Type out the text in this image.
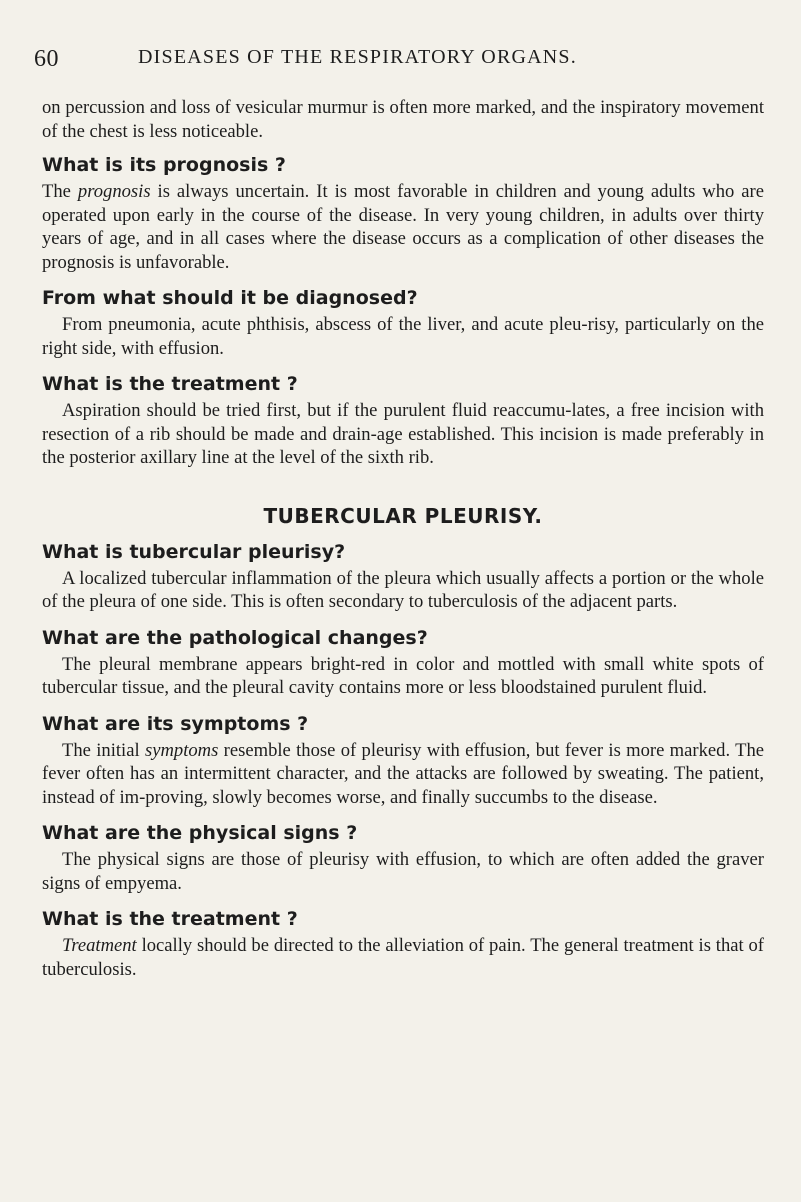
60	DISEASES OF THE RESPIRATORY ORGANS.

on percussion and loss of vesicular murmur is often more marked, and the inspiratory movement of the chest is less noticeable.

What is its prognosis ?

The prognosis is always uncertain. It is most favorable in children and young adults who are operated upon early in the course of the disease. In very young children, in adults over thirty years of age, and in all cases where the disease occurs as a complication of other diseases the prognosis is unfavorable.

From what should it be diagnosed?

From pneumonia, acute phthisis, abscess of the liver, and acute pleu-risy, particularly on the right side, with effusion.

What is the treatment ?

Aspiration should be tried first, but if the purulent fluid reaccumu-lates, a free incision with resection of a rib should be made and drain-age established. This incision is made preferably in the posterior axillary line at the level of the sixth rib.

TUBERCULAR PLEURISY.

What is tubercular pleurisy?

A localized tubercular inflammation of the pleura which usually affects a portion or the whole of the pleura of one side. This is often secondary to tuberculosis of the adjacent parts.

What are the pathological changes?

The pleural membrane appears bright-red in color and mottled with small white spots of tubercular tissue, and the pleural cavity contains more or less bloodstained purulent fluid.

What are its symptoms ?

The initial symptoms resemble those of pleurisy with effusion, but fever is more marked. The fever often has an intermittent character, and the attacks are followed by sweating. The patient, instead of im-proving, slowly becomes worse, and finally succumbs to the disease.

What are the physical signs ?

The physical signs are those of pleurisy with effusion, to which are often added the graver signs of empyema.

What is the treatment ?

Treatment locally should be directed to the alleviation of pain. The general treatment is that of tuberculosis.
